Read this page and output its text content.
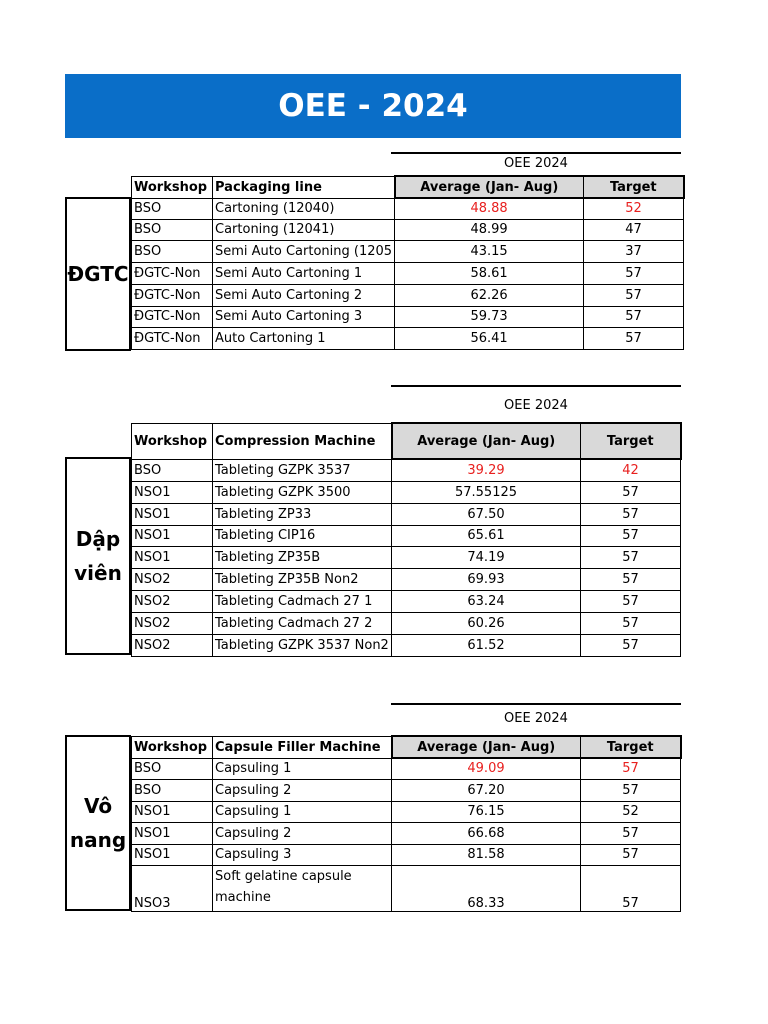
OEE - 2024
OEE 2024
ĐGTC
Workshop	Packaging line	Average (Jan- Aug)	Target
BSO	Cartoning (12040)	48.88	52
BSO	Cartoning (12041)	48.99	47
BSO	Semi Auto Cartoning (1205	43.15	37
ĐGTC-Non	Semi Auto Cartoning 1	58.61	57
ĐGTC-Non	Semi Auto Cartoning 2	62.26	57
ĐGTC-Non	Semi Auto Cartoning 3	59.73	57
ĐGTC-Non	Auto Cartoning 1	56.41	57
OEE 2024
Dập viên
Workshop	Compression Machine	Average (Jan- Aug)	Target
BSO	Tableting GZPK 3537	39.29	42
NSO1	Tableting GZPK 3500	57.55125	57
NSO1	Tableting ZP33	67.50	57
NSO1	Tableting CIP16	65.61	57
NSO1	Tableting ZP35B	74.19	57
NSO2	Tableting ZP35B Non2	69.93	57
NSO2	Tableting Cadmach 27 1	63.24	57
NSO2	Tableting Cadmach 27 2	60.26	57
NSO2	Tableting GZPK 3537 Non2	61.52	57
OEE 2024
Vô nang
Workshop	Capsule Filler Machine	Average (Jan- Aug)	Target
BSO	Capsuling 1	49.09	57
BSO	Capsuling 2	67.20	57
NSO1	Capsuling 1	76.15	52
NSO1	Capsuling 2	66.68	57
NSO1	Capsuling 3	81.58	57
NSO3	Soft gelatine capsule machine	68.33	57
